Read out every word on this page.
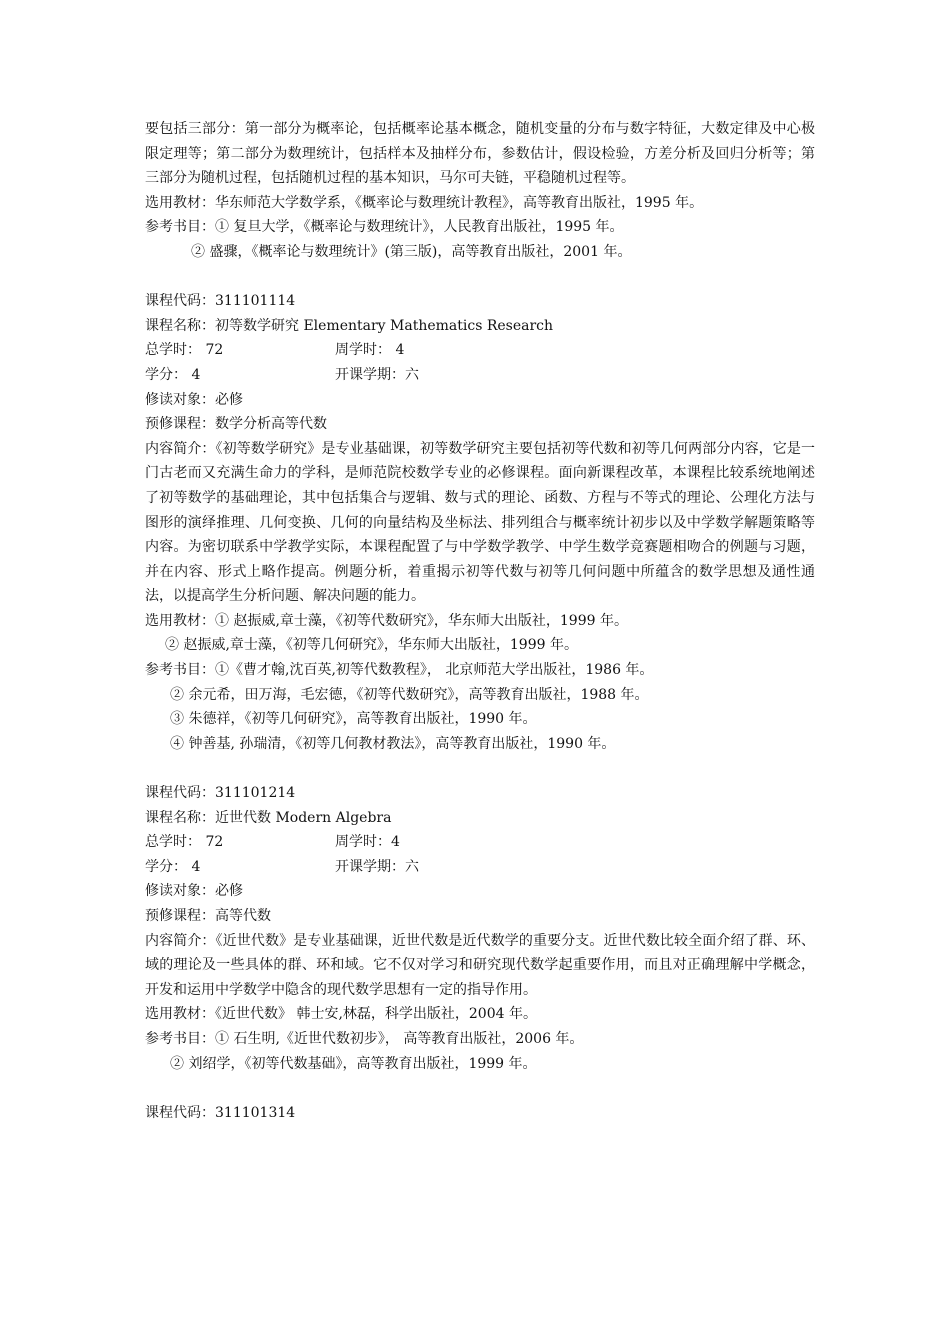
要包括三部分：第一部分为概率论，包括概率论基本概念，随机变量的分布与数字特征，大数定律及中心极限定理等；第二部分为数理统计，包括样本及抽样分布，参数估计，假设检验，方差分析及回归分析等；第三部分为随机过程，包括随机过程的基本知识，马尔可夫链，平稳随机过程等。
选用教材：华东师范大学数学系，《概率论与数理统计教程》，高等教育出版社，1995 年。
参考书目：① 复旦大学，《概率论与数理统计》，人民教育出版社，1995 年。
② 盛骤，《概率论与数理统计》(第三版)，高等教育出版社，2001 年。
课程代码：311101114
课程名称：初等数学研究 Elementary Mathematics Research
总学时： 72	周学时： 4
学分： 4	开课学期：六
修读对象：必修
预修课程：数学分析高等代数
内容简介：《初等数学研究》是专业基础课，初等数学研究主要包括初等代数和初等几何两部分内容，它是一门古老而又充满生命力的学科，是师范院校数学专业的必修课程。面向新课程改革，本课程比较系统地阐述了初等数学的基础理论，其中包括集合与逻辑、数与式的理论、函数、方程与不等式的理论、公理化方法与图形的演绎推理、几何变换、几何的向量结构及坐标法、排列组合与概率统计初步以及中学数学解题策略等内容。为密切联系中学教学实际，本课程配置了与中学数学教学、中学生数学竞赛题相吻合的例题与习题，并在内容、形式上略作提高。例题分析，着重揭示初等代数与初等几何问题中所蕴含的数学思想及通性通法，以提高学生分析问题、解决问题的能力。
选用教材：① 赵振威,章士藻，《初等代数研究》，华东师大出版社，1999 年。
② 赵振威,章士藻，《初等几何研究》，华东师大出版社，1999 年。
参考书目：①《曹才翰,沈百英,初等代数教程》， 北京师范大学出版社，1986 年。
② 余元希，田万海，毛宏德，《初等代数研究》，高等教育出版社，1988 年。
③ 朱德祥，《初等几何研究》，高等教育出版社，1990 年。
④ 钟善基, 孙瑞清，《初等几何教材教法》，高等教育出版社，1990 年。
课程代码：311101214
课程名称：近世代数 Modern Algebra
总学时： 72	周学时：4
学分： 4	开课学期：六
修读对象：必修
预修课程：高等代数
内容简介：《近世代数》是专业基础课，近世代数是近代数学的重要分支。近世代数比较全面介绍了群、环、域的理论及一些具体的群、环和域。它不仅对学习和研究现代数学起重要作用，而且对正确理解中学概念，开发和运用中学数学中隐含的现代数学思想有一定的指导作用。
选用教材：《近世代数》 韩士安,林磊，科学出版社，2004 年。
参考书目：① 石生明,《近世代数初步》， 高等教育出版社，2006 年。
② 刘绍学，《初等代数基础》，高等教育出版社，1999 年。
课程代码：311101314
